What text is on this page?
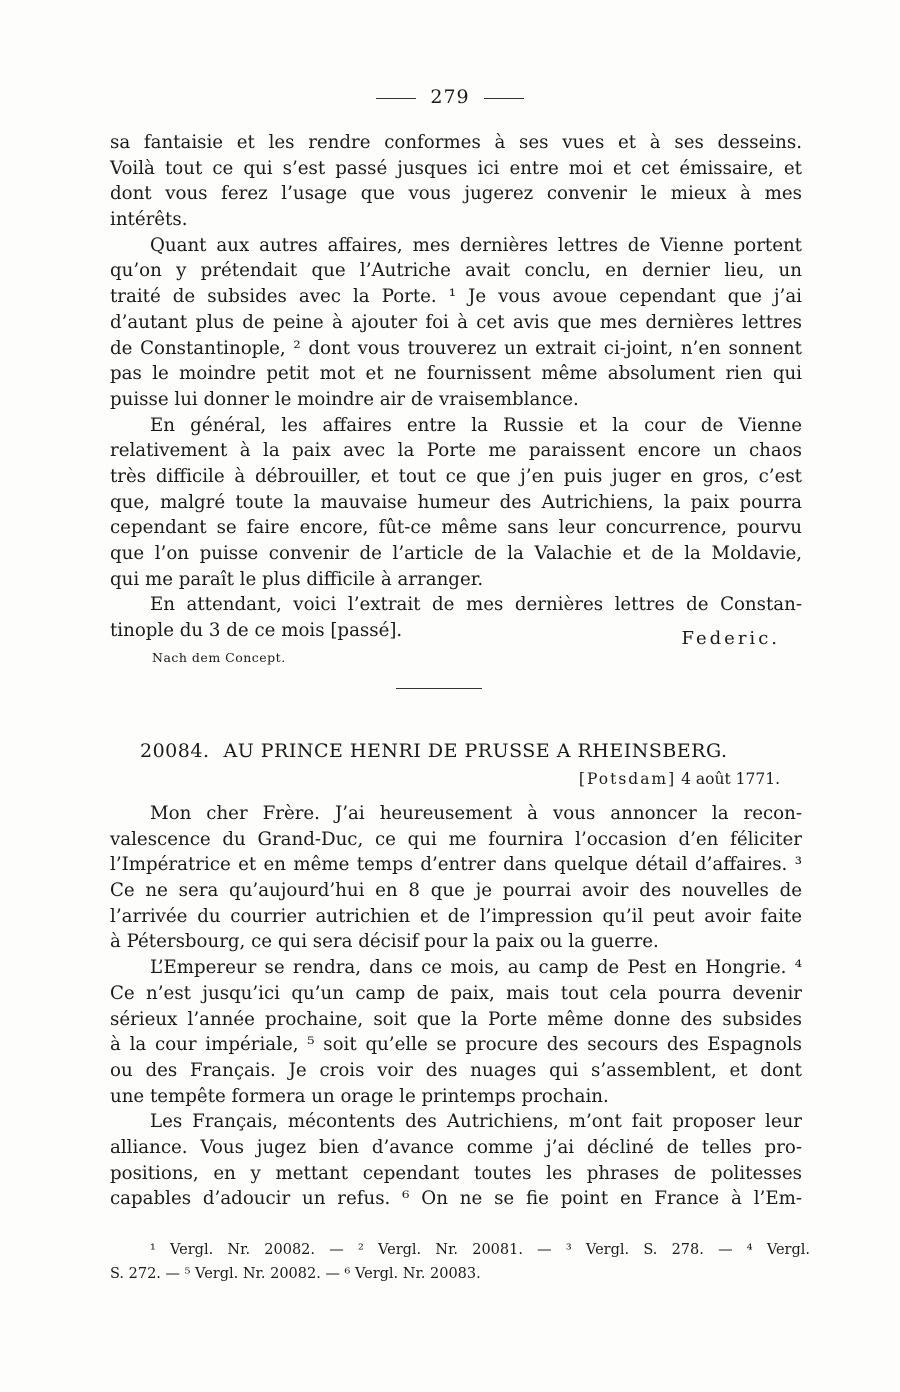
279

sa fantaisie et les rendre conformes à ses vues et à ses desseins.

Voilà tout ce qui s’est passé jusques ici entre moi et cet émissaire, et

dont vous ferez l’usage que vous jugerez convenir le mieux à mes

intérêts.

Quant aux autres affaires, mes dernières lettres de Vienne portent

qu’on y prétendait que l’Autriche avait conclu, en dernier lieu, un

traité de subsides avec la Porte. ¹ Je vous avoue cependant que j’ai

d’autant plus de peine à ajouter foi à cet avis que mes dernières lettres

de Constantinople, ² dont vous trouverez un extrait ci-joint, n’en sonnent

pas le moindre petit mot et ne fournissent même absolument rien qui

puisse lui donner le moindre air de vraisemblance.

En général, les affaires entre la Russie et la cour de Vienne

relativement à la paix avec la Porte me paraissent encore un chaos

très difficile à débrouiller, et tout ce que j’en puis juger en gros, c’est

que, malgré toute la mauvaise humeur des Autrichiens, la paix pourra

cependant se faire encore, fût-ce même sans leur concurrence, pourvu

que l’on puisse convenir de l’article de la Valachie et de la Moldavie,

qui me paraît le plus difficile à arranger.

En attendant, voici l’extrait de mes dernières lettres de Constan-

tinople du 3 de ce mois [passé].	Federic.
Nach dem Concept.
20084. AU PRINCE HENRI DE PRUSSE A RHEINSBERG.
[Potsdam] 4 août 1771.

Mon cher Frère. J’ai heureusement à vous annoncer la recon-

valescence du Grand-Duc, ce qui me fournira l’occasion d’en féliciter

l’Impératrice et en même temps d’entrer dans quelque détail d’affaires. ³

Ce ne sera qu’aujourd’hui en 8 que je pourrai avoir des nouvelles de

l’arrivée du courrier autrichien et de l’impression qu’il peut avoir faite

à Pétersbourg, ce qui sera décisif pour la paix ou la guerre.

L’Empereur se rendra, dans ce mois, au camp de Pest en Hongrie. ⁴

Ce n’est jusqu’ici qu’un camp de paix, mais tout cela pourra devenir

sérieux l’année prochaine, soit que la Porte même donne des subsides

à la cour impériale, ⁵ soit qu’elle se procure des secours des Espagnols

ou des Français. Je crois voir des nuages qui s’assemblent, et dont

une tempête formera un orage le printemps prochain.

Les Français, mécontents des Autrichiens, m’ont fait proposer leur

alliance. Vous jugez bien d’avance comme j’ai décliné de telles pro-

positions, en y mettant cependant toutes les phrases de politesses

capables d’adoucir un refus. ⁶ On ne se fie point en France à l’Em-

¹ Vergl. Nr. 20082. — ² Vergl. Nr. 20081. — ³ Vergl. S. 278. — ⁴ Vergl.

S. 272. — ⁵ Vergl. Nr. 20082. — ⁶ Vergl. Nr. 20083.
